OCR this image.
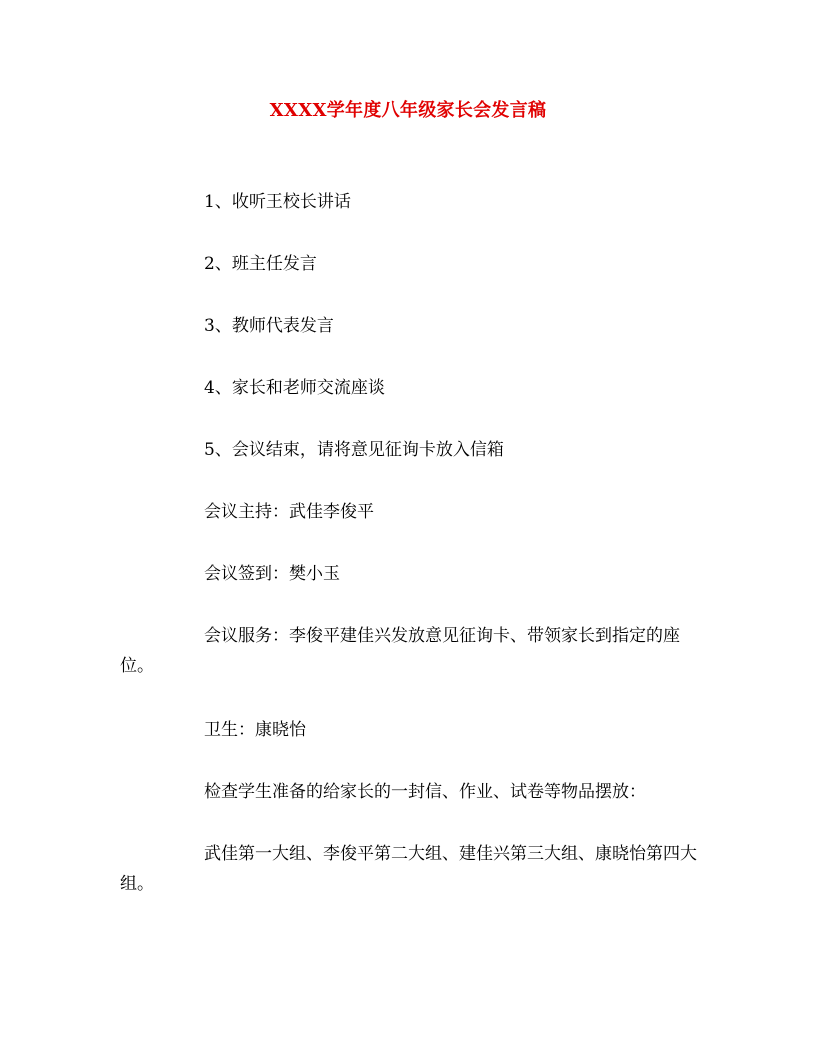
XXXX学年度八年级家长会发言稿

1、收听王校长讲话

2、班主任发言

3、教师代表发言

4、家长和老师交流座谈

5、会议结束，请将意见征询卡放入信箱

会议主持：武佳李俊平

会议签到：樊小玉

会议服务：李俊平建佳兴发放意见征询卡、带领家长到指定的座位。

卫生：康晓怡

检查学生准备的给家长的一封信、作业、试卷等物品摆放：

武佳第一大组、李俊平第二大组、建佳兴第三大组、康晓怡第四大组。
